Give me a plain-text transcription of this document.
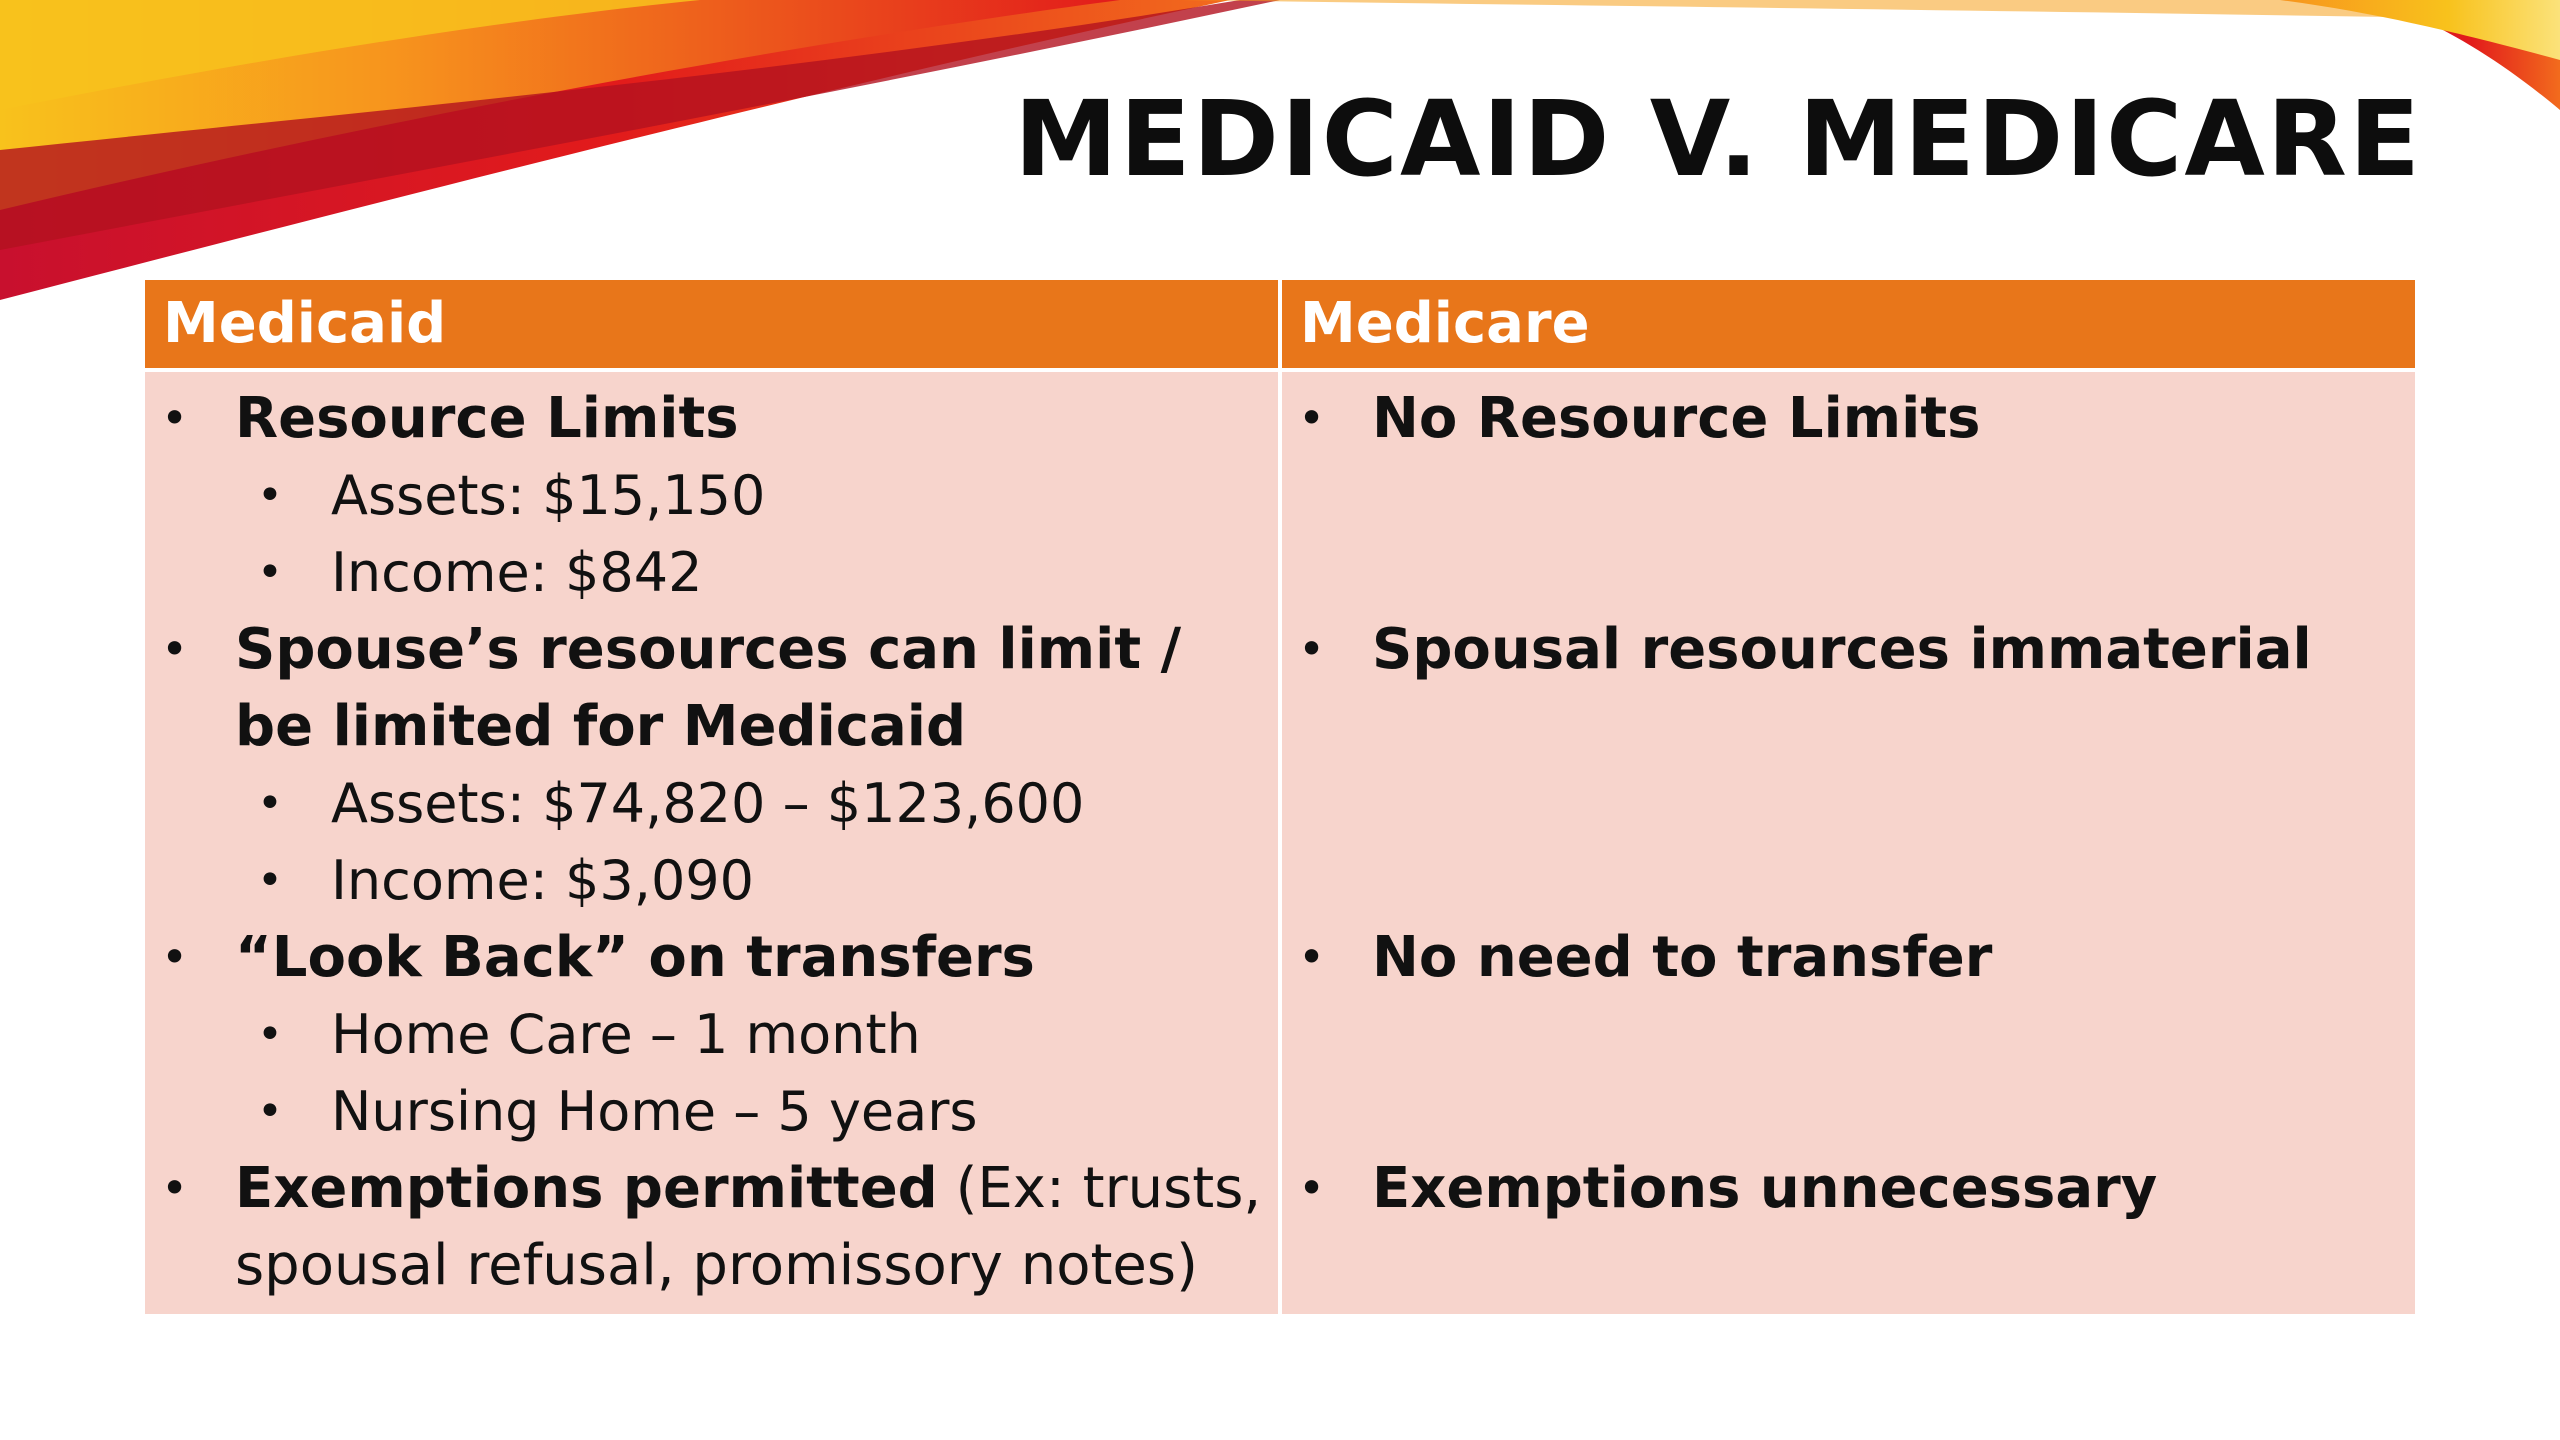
MEDICAID V. MEDICARE
Medicaid

• Resource Limits

• Assets: $15,150

• Income: $842

• Spouse’s resources can limit / be limited for Medicaid

• Assets: $74,820 – $123,600

• Income: $3,090

• “Look Back” on transfers

• Home Care – 1 month

• Nursing Home – 5 years

• Exemptions permitted (Ex: trusts, spousal refusal, promissory notes)

Medicare

• No Resource Limits

• Spousal resources immaterial

• No need to transfer

• Exemptions unnecessary
